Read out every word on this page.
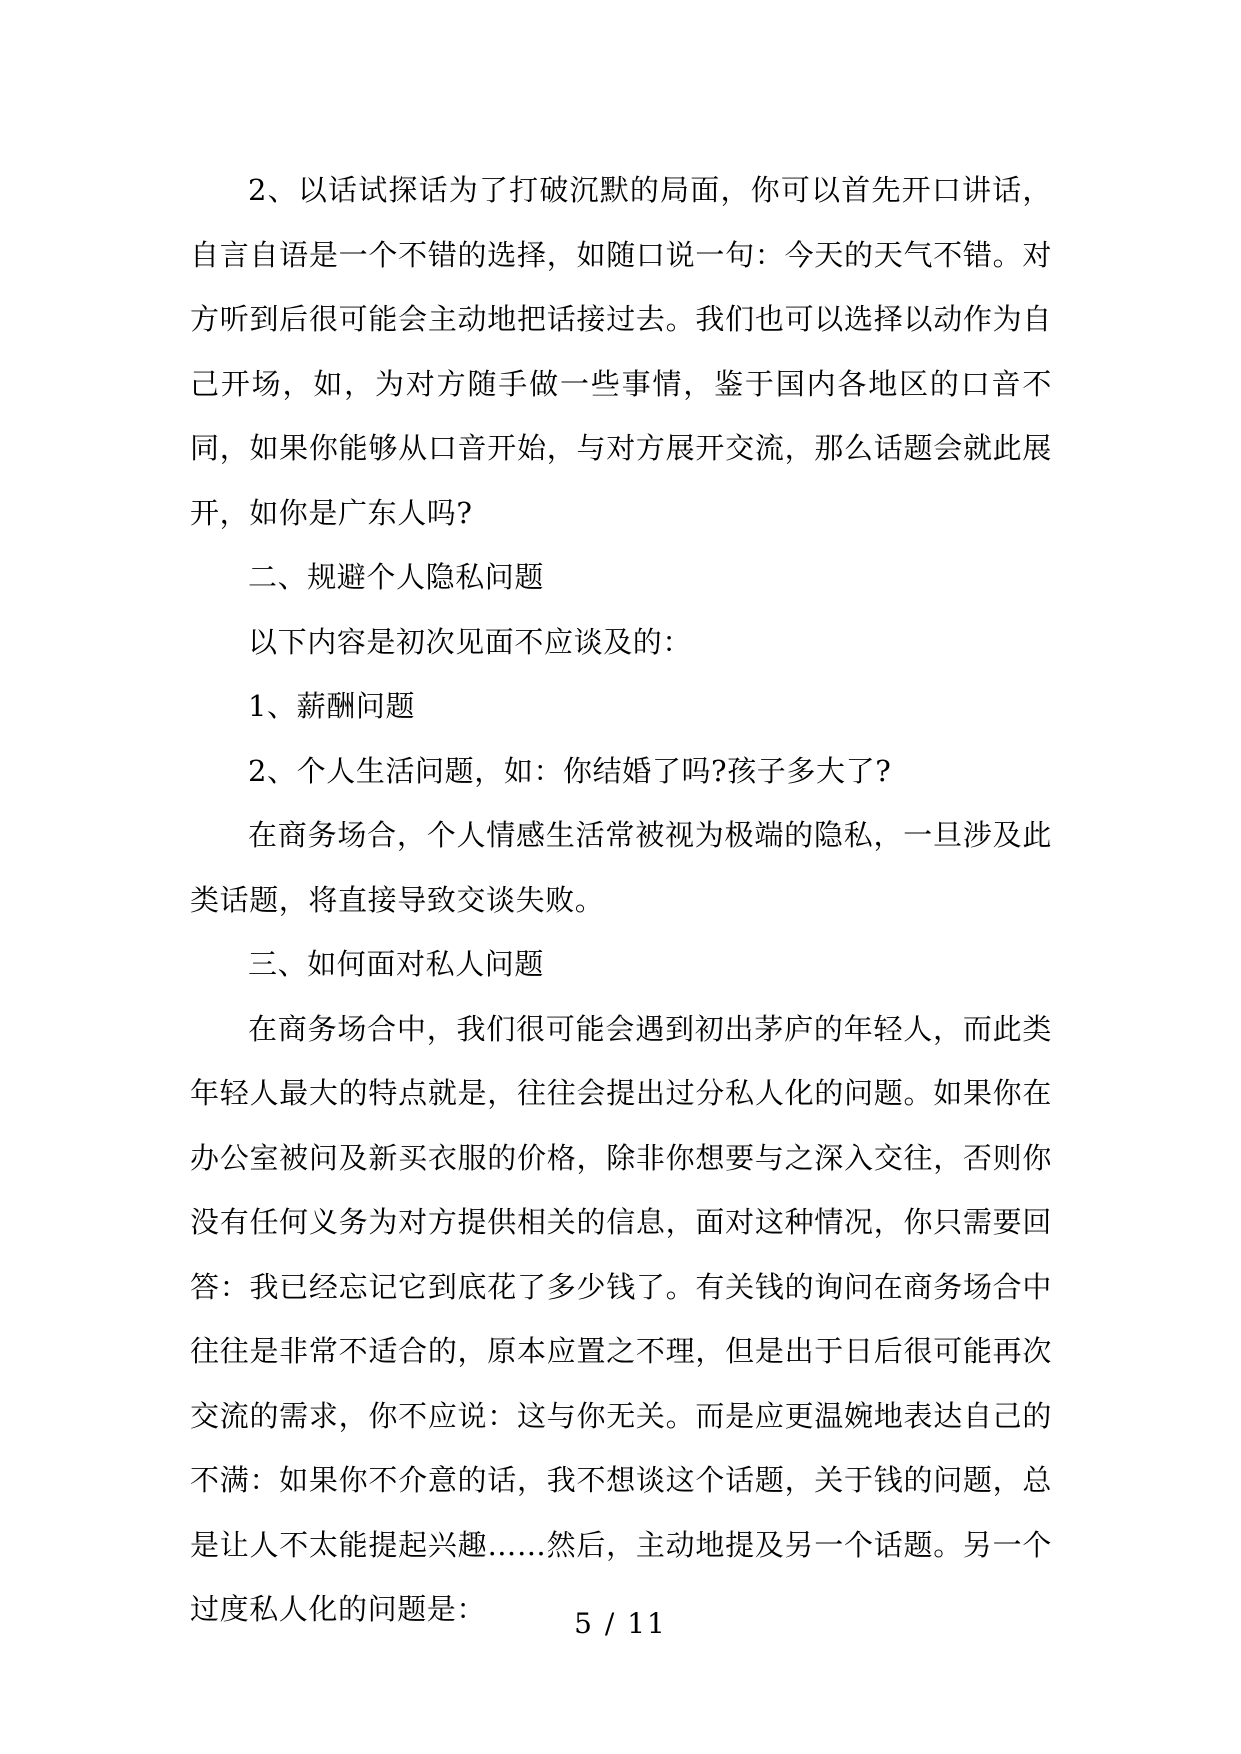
2、以话试探话为了打破沉默的局面，你可以首先开口讲话，自言自语是一个不错的选择，如随口说一句：今天的天气不错。对方听到后很可能会主动地把话接过去。我们也可以选择以动作为自己开场，如，为对方随手做一些事情，鉴于国内各地区的口音不同，如果你能够从口音开始，与对方展开交流，那么话题会就此展开，如你是广东人吗?

二、规避个人隐私问题

以下内容是初次见面不应谈及的：

1、薪酬问题

2、个人生活问题，如：你结婚了吗?孩子多大了?

在商务场合，个人情感生活常被视为极端的隐私，一旦涉及此类话题，将直接导致交谈失败。

三、如何面对私人问题

在商务场合中，我们很可能会遇到初出茅庐的年轻人，而此类年轻人最大的特点就是，往往会提出过分私人化的问题。如果你在办公室被问及新买衣服的价格，除非你想要与之深入交往，否则你没有任何义务为对方提供相关的信息，面对这种情况，你只需要回答：我已经忘记它到底花了多少钱了。有关钱的询问在商务场合中往往是非常不适合的，原本应置之不理，但是出于日后很可能再次交流的需求，你不应说：这与你无关。而是应更温婉地表达自己的不满：如果你不介意的话，我不想谈这个话题，关于钱的问题，总是让人不太能提起兴趣……然后，主动地提及另一个话题。另一个过度私人化的问题是：	5 / 11
